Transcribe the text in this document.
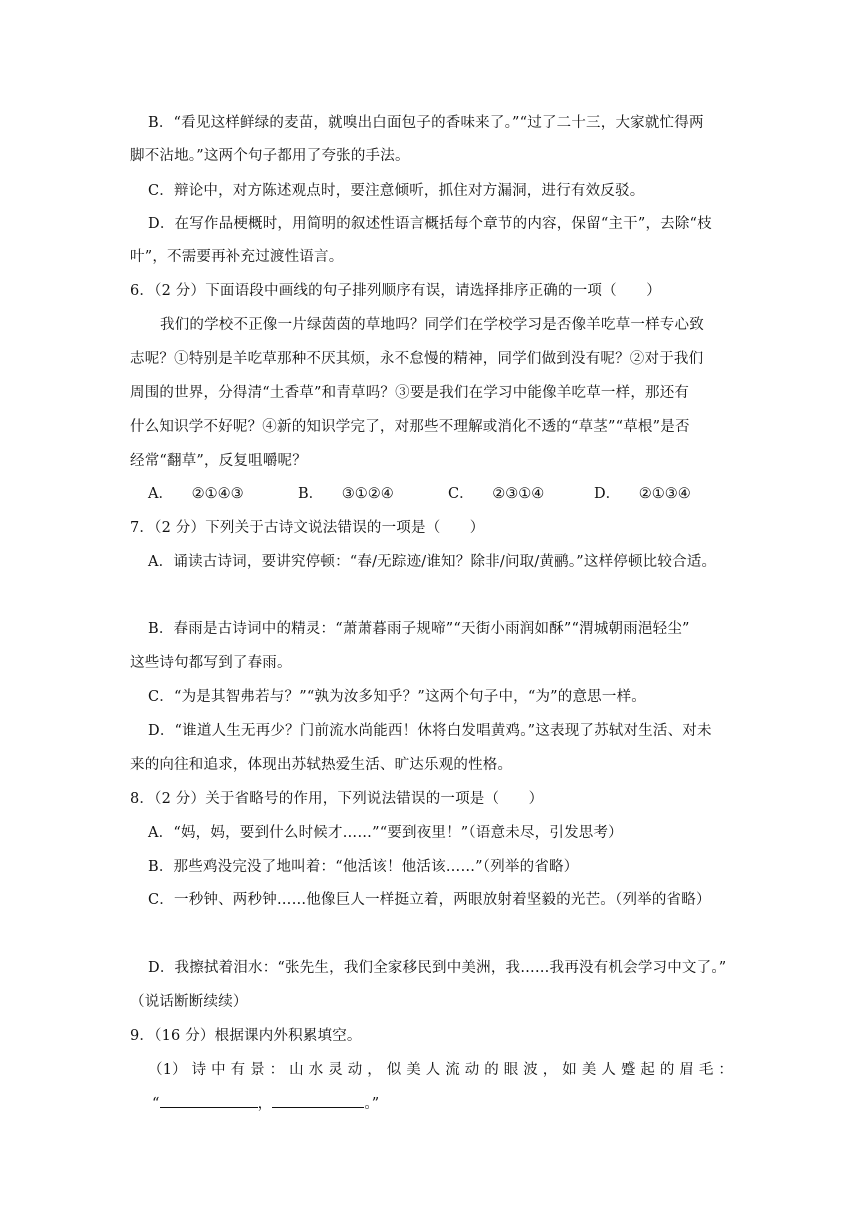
B．“看见这样鲜绿的麦苗，就嗅出白面包子的香味来了。”“过了二十三，大家就忙得两
脚不沾地。”这两个句子都用了夸张的手法。
C．辩论中，对方陈述观点时，要注意倾听，抓住对方漏洞，进行有效反驳。
D．在写作品梗概时，用简明的叙述性语言概括每个章节的内容，保留“主干”，去除“枝
叶”，不需要再补充过渡性语言。
6．（2 分）下面语段中画线的句子排列顺序有误，请选择排序正确的一项（　　）
我们的学校不正像一片绿茵茵的草地吗？同学们在学校学习是否像羊吃草一样专心致
志呢？①特别是羊吃草那种不厌其烦，永不怠慢的精神，同学们做到没有呢？②对于我们
周围的世界，分得清“土香草”和青草吗？③要是我们在学习中能像羊吃草一样，那还有
什么知识学不好呢？④新的知识学完了，对那些不理解或消化不透的“草茎”“草根”是否
经常“翻草”，反复咀嚼呢？
A． ②①④③	B． ③①②④	C． ②③①④	D． ②①③④
7．（2 分）下列关于古诗文说法错误的一项是（　　）
A．诵读古诗词，要讲究停顿：“春/无踪迹/谁知？除非/问取/黄鹂。”这样停顿比较合适。
B．春雨是古诗词中的精灵：“萧萧暮雨子规啼”“天街小雨润如酥”“渭城朝雨浥轻尘”
这些诗句都写到了春雨。
C．“为是其智弗若与？”“孰为汝多知乎？”这两个句子中，“为”的意思一样。
D．“谁道人生无再少？门前流水尚能西！休将白发唱黄鸡。”这表现了苏轼对生活、对未
来的向往和追求，体现出苏轼热爱生活、旷达乐观的性格。
8．（2 分）关于省略号的作用，下列说法错误的一项是（　　）
A．“妈，妈，要到什么时候才……”“要到夜里！”（语意未尽，引发思考）
B．那些鸡没完没了地叫着：“他活该！他活该……”（列举的省略）
C．一秒钟、两秒钟……他像巨人一样挺立着，两眼放射着坚毅的光芒。（列举的省略）
D．我擦拭着泪水：“张先生，我们全家移民到中美洲，我……我再没有机会学习中文了。”
（说话断断续续）
9．（16 分）根据课内外积累填空。
（1） 诗 中 有 景 ： 山 水 灵 动 ， 似 美 人 流 动 的 眼 波 ， 如 美 人 蹙 起 的 眉 毛 ：
“	，	。”
